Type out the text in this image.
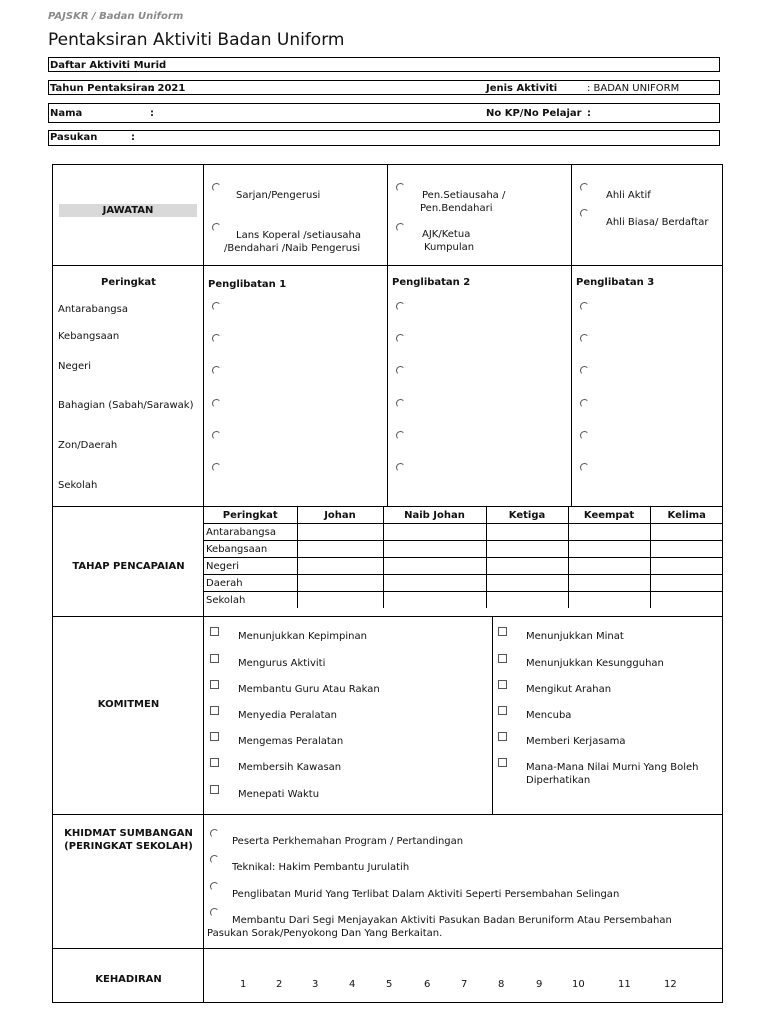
PAJSKR / Badan Uniform
Pentaksiran Aktiviti Badan Uniform
Daftar Aktiviti Murid
Tahun Pentaksiran
: 2021	Jenis Aktiviti	: BADAN UNIFORM
Nama	:	No KP/No Pelajar :
Pasukan	:
JAWATAN

Sarjan/Pengerusi
Lans Koperal /setiausaha
/Bendahari /Naib Pengerusi

Pen.Setiausaha /
Pen.Bendahari
AJK/Ketua
Kumpulan

Ahli Aktif
Ahli Biasa/ Berdaftar

Peringkat
Antarabangsa
Kebangsaan
Negeri
Bahagian (Sabah/Sarawak)
Zon/Daerah
Sekolah

Penglibatan 1	Penglibatan 2	Penglibatan 3

TAHAP PENCAPAIAN

Peringkat	Johan	Naib Johan	Ketiga	Keempat	Kelima
Antarabangsa					
Kebangsaan					
Negeri					
Daerah					
Sekolah					

KOMITMEN

Menunjukkan Kepimpinan
Mengurus Aktiviti
Membantu Guru Atau Rakan
Menyedia Peralatan
Mengemas Peralatan
Membersih Kawasan
Menepati Waktu
Menunjukkan Minat
Menunjukkan Kesungguhan
Mengikut Arahan
Mencuba
Memberi Kerjasama
Mana-Mana Nilai Murni Yang Boleh
Diperhatikan

KHIDMAT SUMBANGAN
(PERINGKAT SEKOLAH)	Peserta Perkhemahan Program / Pertandingan
Teknikal: Hakim Pembantu Jurulatih
Penglibatan Murid Yang Terlibat Dalam Aktiviti Seperti Persembahan Selingan
Membantu Dari Segi Menjayakan Aktiviti Pasukan Badan Beruniform Atau Persembahan
Pasukan Sorak/Penyokong Dan Yang Berkaitan.

KEHADIRAN	1	2	3	4	5	6	7	8	9	10	11	12
